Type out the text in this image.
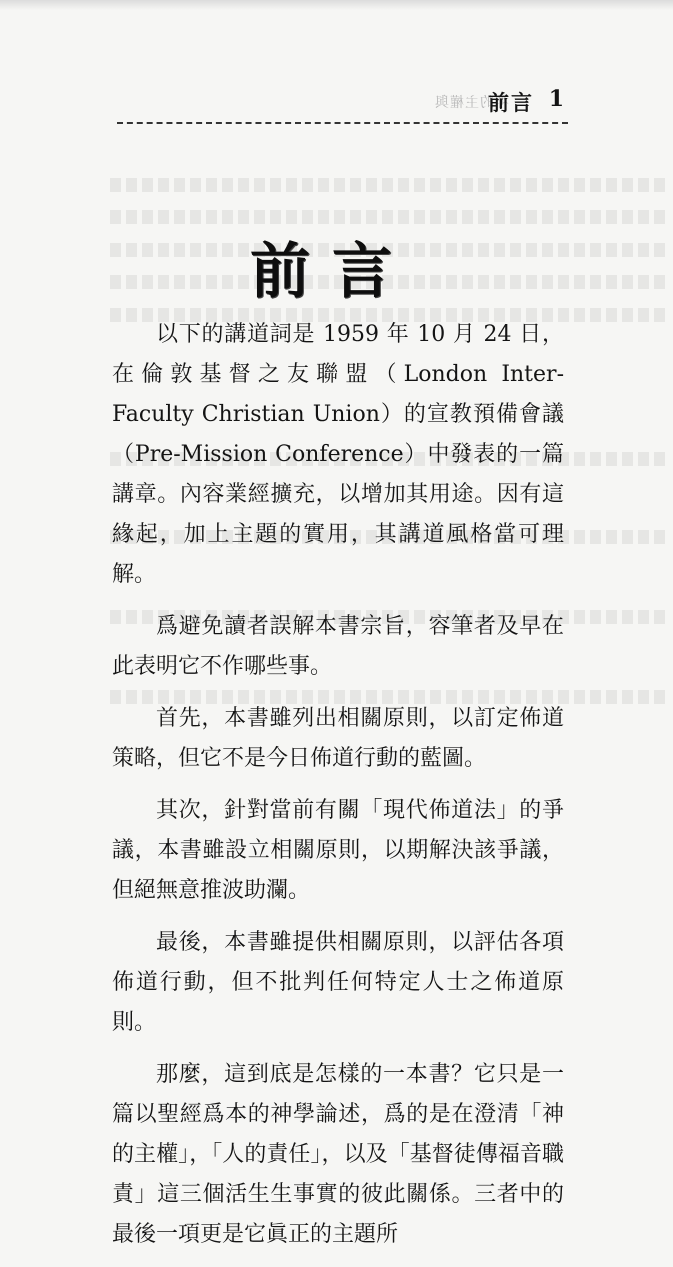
神的主權與
前言 1
前言

以下的講道詞是 1959 年 10 月 24 日，在倫敦基督之友聯盟（London Inter-Faculty Christian Union）的宣教預備會議（Pre-Mission Conference）中發表的一篇講章。內容業經擴充，以增加其用途。因有這緣起，加上主題的實用，其講道風格當可理解。

爲避免讀者誤解本書宗旨，容筆者及早在此表明它不作哪些事。

首先，本書雖列出相關原則，以訂定佈道策略，但它不是今日佈道行動的藍圖。

其次，針對當前有關「現代佈道法」的爭議，本書雖設立相關原則，以期解決該爭議，但絕無意推波助瀾。

最後，本書雖提供相關原則，以評估各項佈道行動，但不批判任何特定人士之佈道原則。

那麼，這到底是怎樣的一本書？它只是一篇以聖經爲本的神學論述，爲的是在澄清「神的主權」，「人的責任」，以及「基督徒傳福音職責」這三個活生生事實的彼此關係。三者中的最後一項更是它眞正的主題所
